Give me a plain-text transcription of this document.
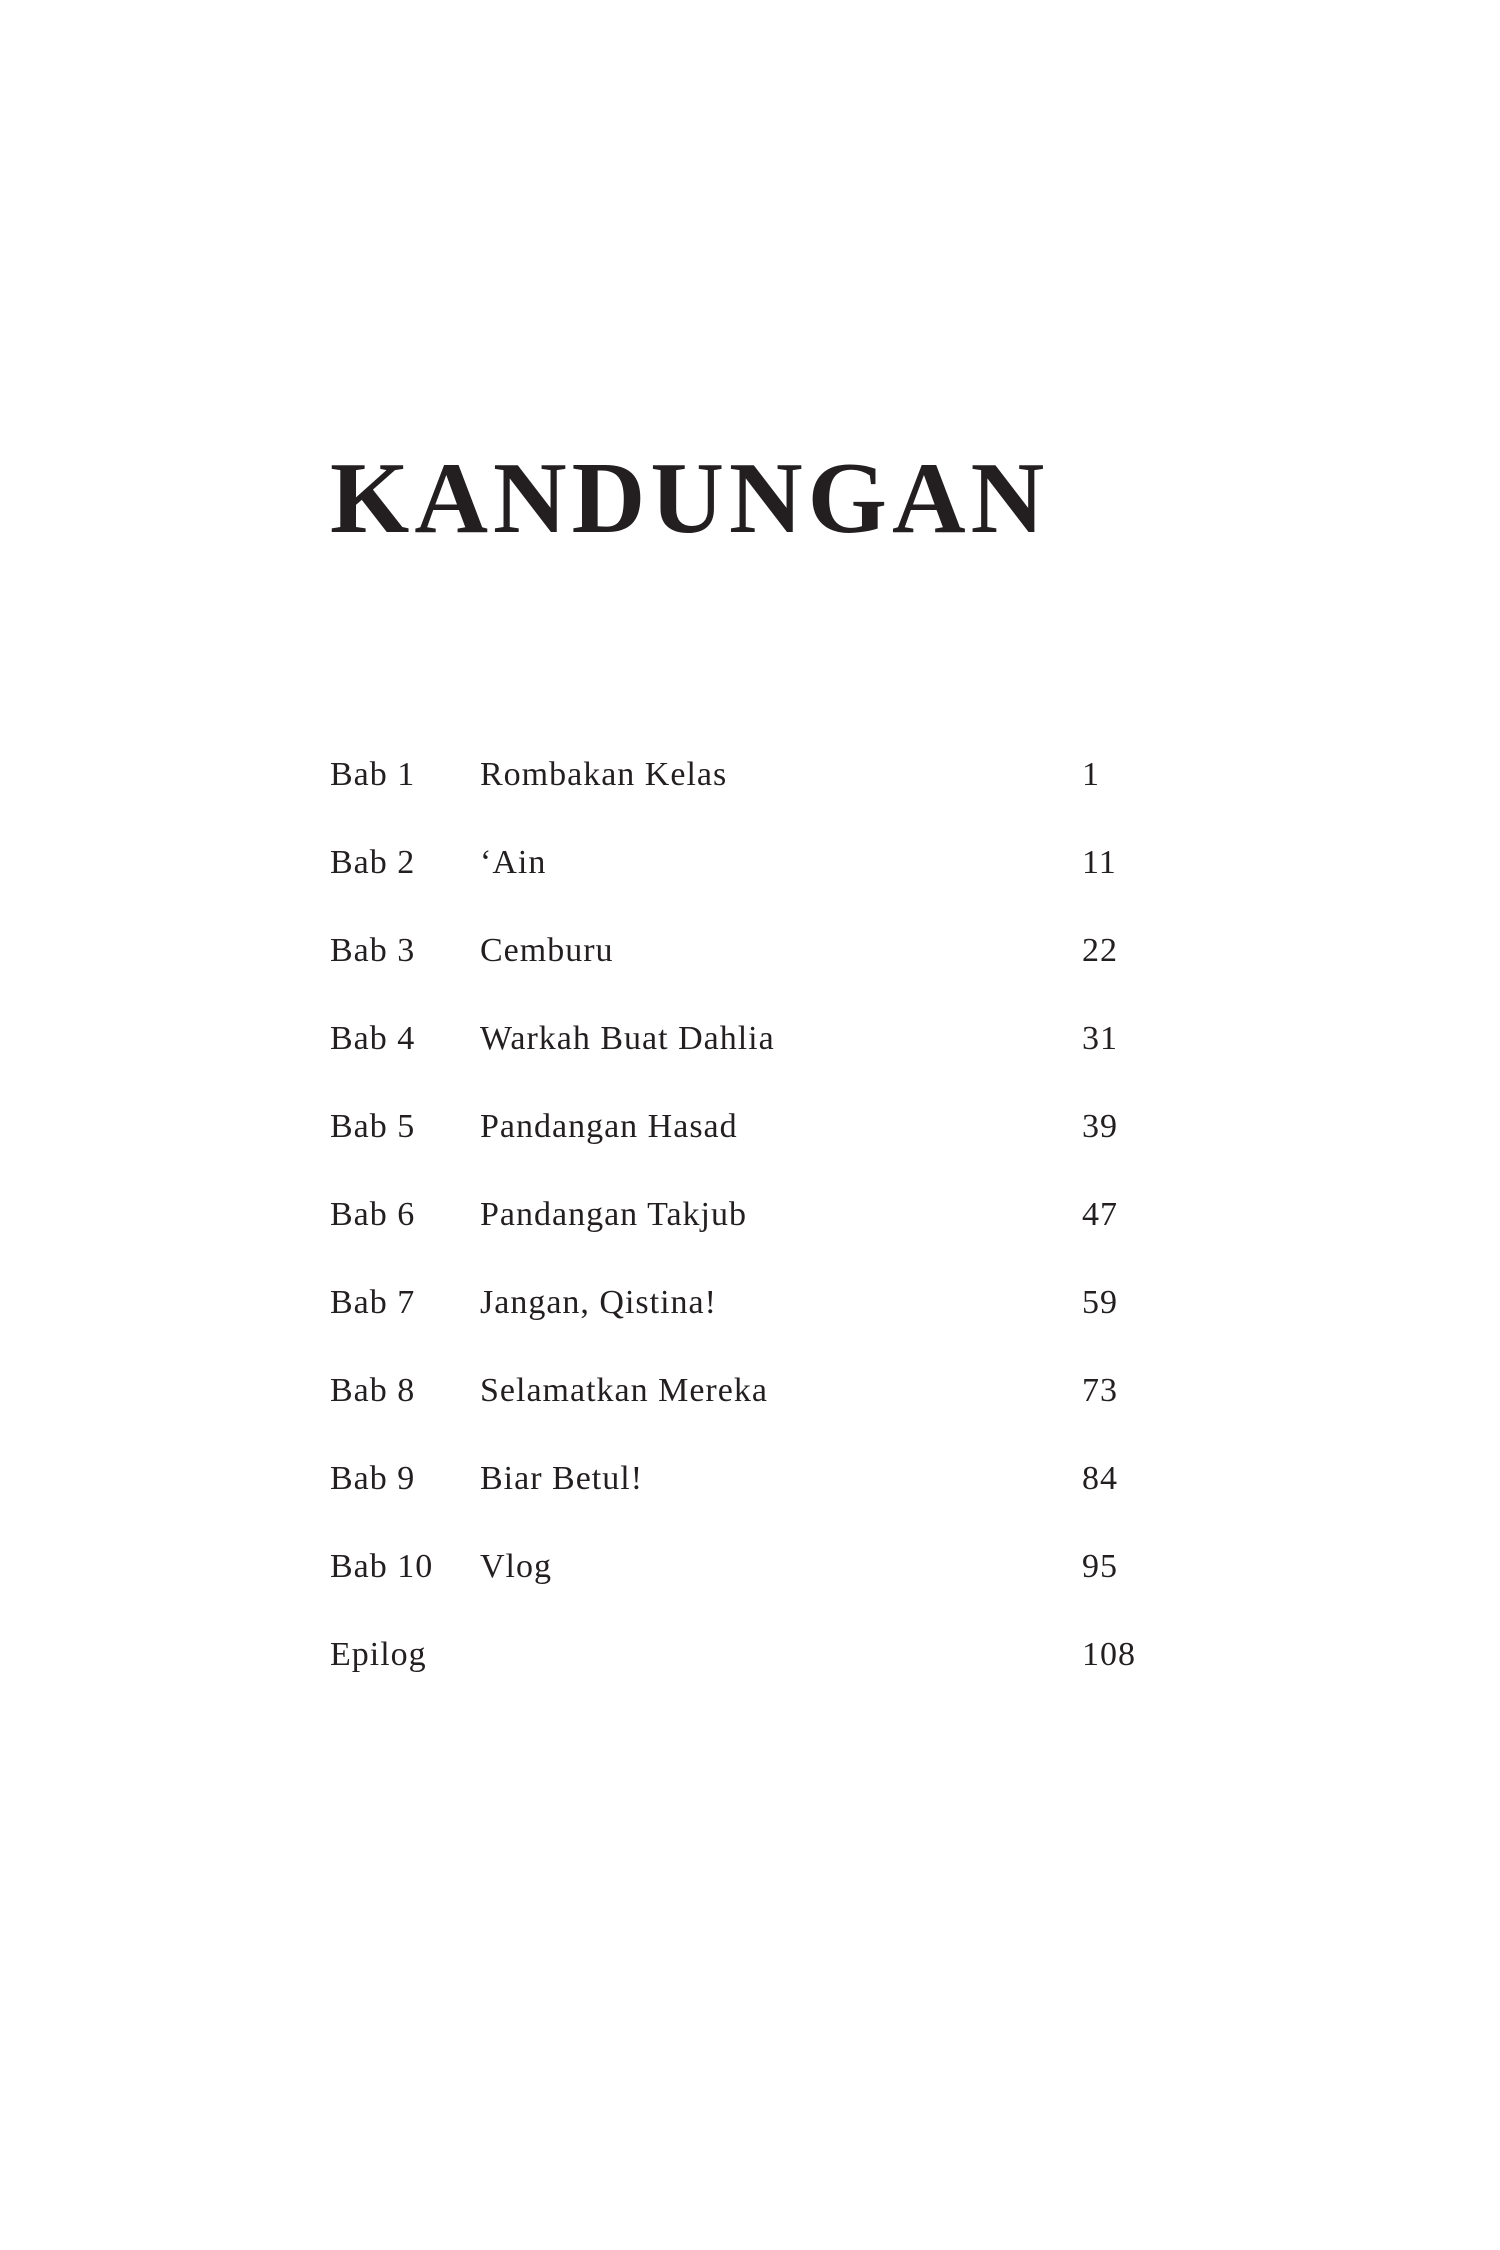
KANDUNGAN
Bab 1 Rombakan Kelas	1
Bab 2 ‘Ain	11
Bab 3 Cemburu	22
Bab 4 Warkah Buat Dahlia	31
Bab 5 Pandangan Hasad	39
Bab 6 Pandangan Takjub	47
Bab 7 Jangan, Qistina!	59
Bab 8 Selamatkan Mereka	73
Bab 9 Biar Betul!	84
Bab 10 Vlog	95
Epilog	108
